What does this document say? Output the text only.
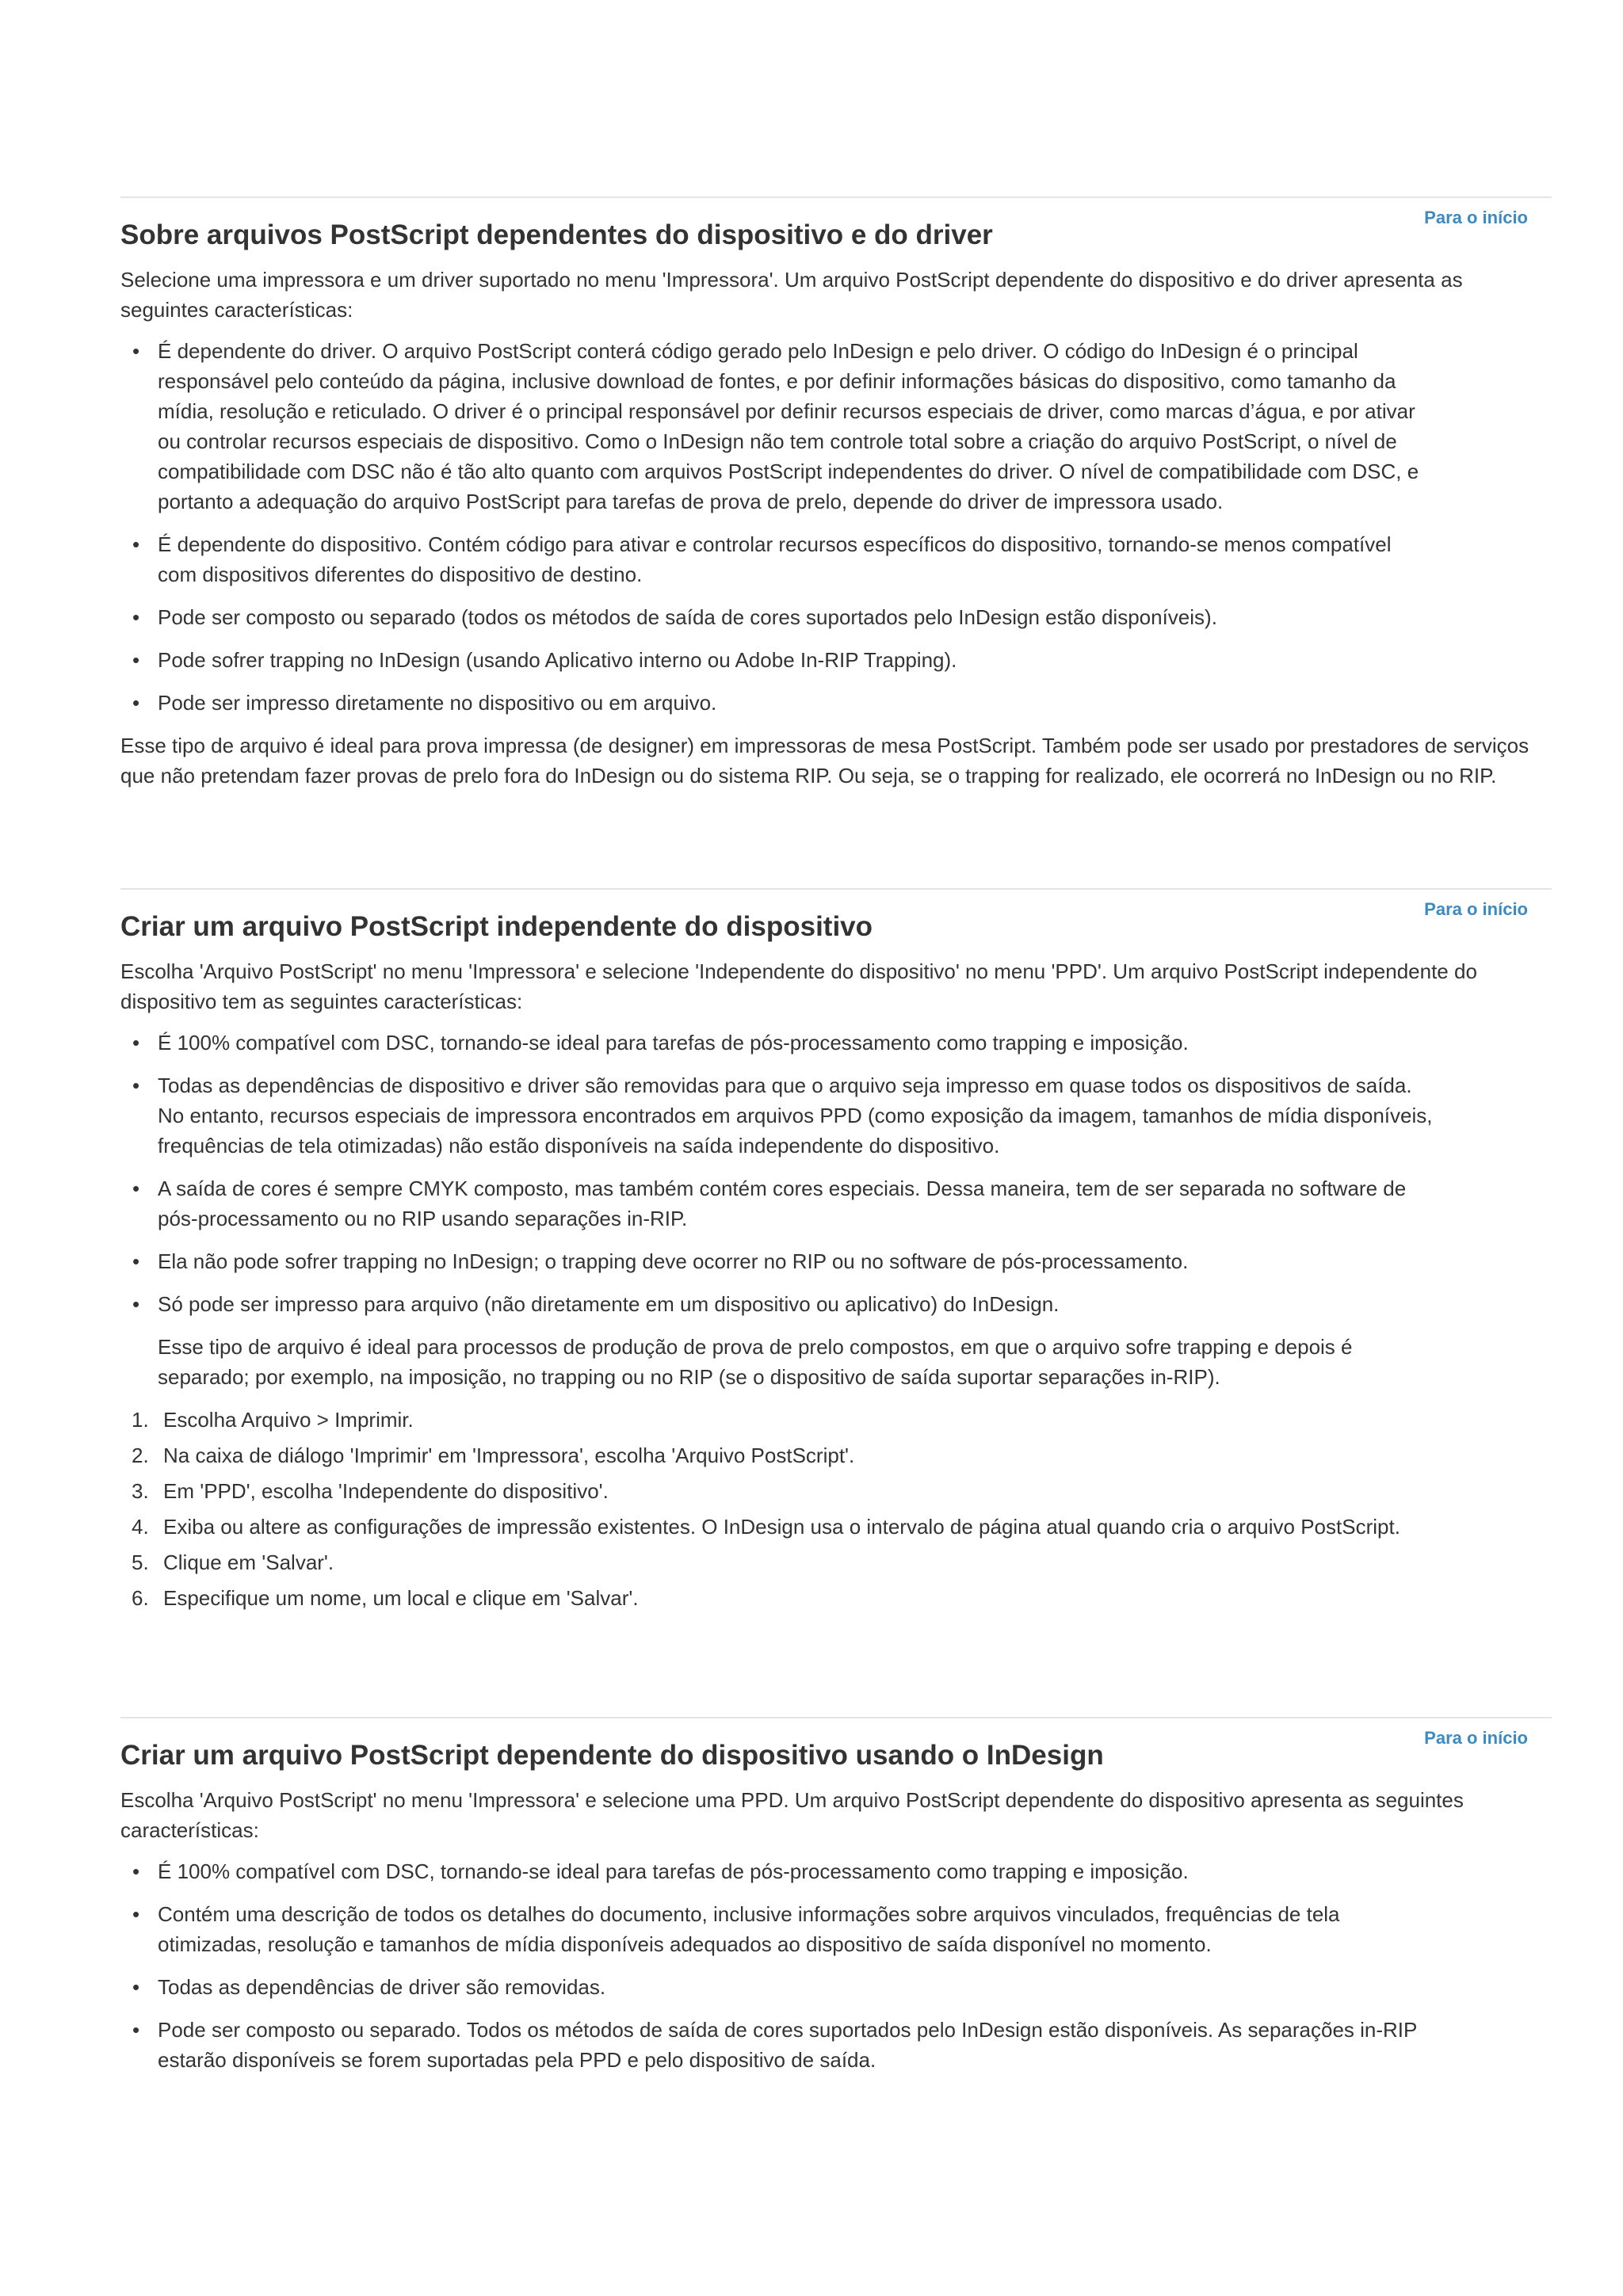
Para o início
Sobre arquivos PostScript dependentes do dispositivo e do driver

Selecione uma impressora e um driver suportado no menu 'Impressora'. Um arquivo PostScript dependente do dispositivo e do driver apresenta as seguintes características:

• É dependente do driver. O arquivo PostScript conterá código gerado pelo InDesign e pelo driver. O código do InDesign é o principal responsável pelo conteúdo da página, inclusive download de fontes, e por definir informações básicas do dispositivo, como tamanho da mídia, resolução e reticulado. O driver é o principal responsável por definir recursos especiais de driver, como marcas d’água, e por ativar ou controlar recursos especiais de dispositivo. Como o InDesign não tem controle total sobre a criação do arquivo PostScript, o nível de compatibilidade com DSC não é tão alto quanto com arquivos PostScript independentes do driver. O nível de compatibilidade com DSC, e portanto a adequação do arquivo PostScript para tarefas de prova de prelo, depende do driver de impressora usado.
• É dependente do dispositivo. Contém código para ativar e controlar recursos específicos do dispositivo, tornando-se menos compatível com dispositivos diferentes do dispositivo de destino.
• Pode ser composto ou separado (todos os métodos de saída de cores suportados pelo InDesign estão disponíveis).
• Pode sofrer trapping no InDesign (usando Aplicativo interno ou Adobe In-RIP Trapping).
• Pode ser impresso diretamente no dispositivo ou em arquivo.

Esse tipo de arquivo é ideal para prova impressa (de designer) em impressoras de mesa PostScript. Também pode ser usado por prestadores de serviços que não pretendam fazer provas de prelo fora do InDesign ou do sistema RIP. Ou seja, se o trapping for realizado, ele ocorrerá no InDesign ou no RIP.

Para o início
Criar um arquivo PostScript independente do dispositivo

Escolha 'Arquivo PostScript' no menu 'Impressora' e selecione 'Independente do dispositivo' no menu 'PPD'. Um arquivo PostScript independente do dispositivo tem as seguintes características:

• É 100% compatível com DSC, tornando-se ideal para tarefas de pós-processamento como trapping e imposição.
• Todas as dependências de dispositivo e driver são removidas para que o arquivo seja impresso em quase todos os dispositivos de saída. No entanto, recursos especiais de impressora encontrados em arquivos PPD (como exposição da imagem, tamanhos de mídia disponíveis, frequências de tela otimizadas) não estão disponíveis na saída independente do dispositivo.
• A saída de cores é sempre CMYK composto, mas também contém cores especiais. Dessa maneira, tem de ser separada no software de pós-processamento ou no RIP usando separações in-RIP.
• Ela não pode sofrer trapping no InDesign; o trapping deve ocorrer no RIP ou no software de pós-processamento.
• Só pode ser impresso para arquivo (não diretamente em um dispositivo ou aplicativo) do InDesign.
Esse tipo de arquivo é ideal para processos de produção de prova de prelo compostos, em que o arquivo sofre trapping e depois é separado; por exemplo, na imposição, no trapping ou no RIP (se o dispositivo de saída suportar separações in-RIP).
1. Escolha Arquivo > Imprimir.
2. Na caixa de diálogo 'Imprimir' em 'Impressora', escolha 'Arquivo PostScript'.
3. Em 'PPD', escolha 'Independente do dispositivo'.
4. Exiba ou altere as configurações de impressão existentes. O InDesign usa o intervalo de página atual quando cria o arquivo PostScript.
5. Clique em 'Salvar'.
6. Especifique um nome, um local e clique em 'Salvar'.
Para o início
Criar um arquivo PostScript dependente do dispositivo usando o InDesign

Escolha 'Arquivo PostScript' no menu 'Impressora' e selecione uma PPD. Um arquivo PostScript dependente do dispositivo apresenta as seguintes características:

• É 100% compatível com DSC, tornando-se ideal para tarefas de pós-processamento como trapping e imposição.
• Contém uma descrição de todos os detalhes do documento, inclusive informações sobre arquivos vinculados, frequências de tela otimizadas, resolução e tamanhos de mídia disponíveis adequados ao dispositivo de saída disponível no momento.
• Todas as dependências de driver são removidas.
• Pode ser composto ou separado. Todos os métodos de saída de cores suportados pelo InDesign estão disponíveis. As separações in-RIP estarão disponíveis se forem suportadas pela PPD e pelo dispositivo de saída.
